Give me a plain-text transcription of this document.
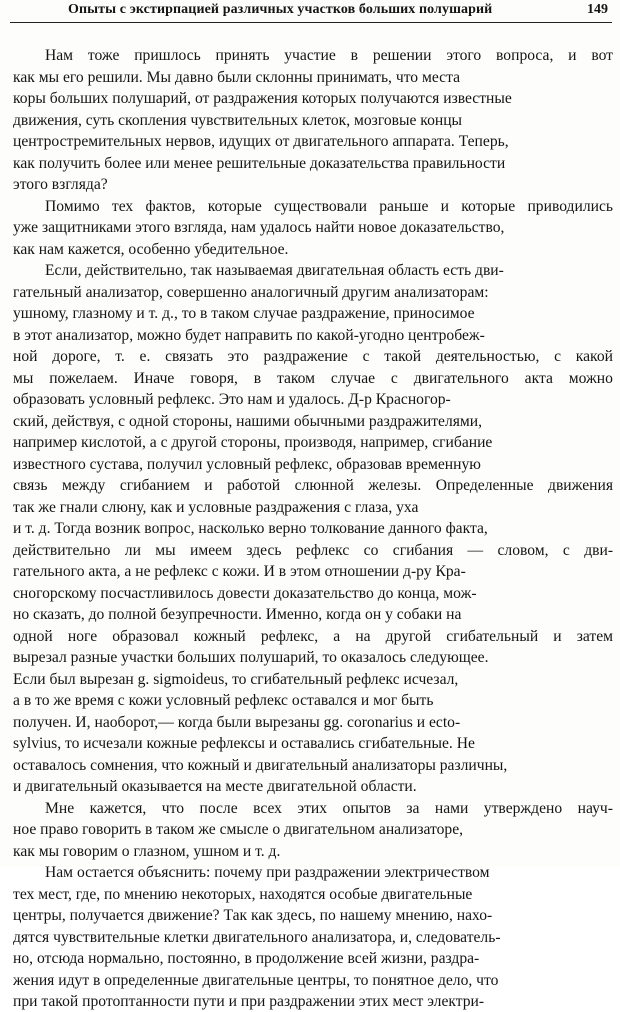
Опыты с экстирпацией различных участков больших полушарий	149
Нам тоже пришлось принять участие в решении этого вопроса, и вот
как мы его решили. Мы давно были склонны принимать, что места
коры больших полушарий, от раздражения которых получаются известные
движения, суть скопления чувствительных клеток, мозговые концы
центростремительных нервов, идущих от двигательного аппарата. Теперь,
как получить более или менее решительные доказательства правильности
этого взгляда?
Помимо тех фактов, которые существовали раньше и которые приводились
уже защитниками этого взгляда, нам удалось найти новое доказательство,
как нам кажется, особенно убедительное.
Если, действительно, так называемая двигательная область есть дви-
гательный анализатор, совершенно аналогичный другим анализаторам:
ушному, глазному и т. д., то в таком случае раздражение, приносимое
в этот анализатор, можно будет направить по какой-угодно центробеж-
ной дороге, т. е. связать это раздражение с такой деятельностью, с какой
мы пожелаем. Иначе говоря, в таком случае с двигательного акта можно
образовать условный рефлекс. Это нам и удалось. Д-р Красногор-
ский, действуя, с одной стороны, нашими обычными раздражителями,
например кислотой, а с другой стороны, производя, например, сгибание
известного сустава, получил условный рефлекс, образовав временную
связь между сгибанием и работой слюнной железы. Определенные движения
так же гнали слюну, как и условные раздражения с глаза, уха
и т. д. Тогда возник вопрос, насколько верно толкование данного факта,
действительно ли мы имеем здесь рефлекс со сгибания — словом, с дви-
гательного акта, а не рефлекс с кожи. И в этом отношении д-ру Кра-
сногорскому посчастливилось довести доказательство до конца, мож-
но сказать, до полной безупречности. Именно, когда он у собаки на
одной ноге образовал кожный рефлекс, а на другой сгибательный и затем
вырезал разные участки больших полушарий, то оказалось следующее.
Если был вырезан g. sigmoideus, то сгибательный рефлекс исчезал,
а в то же время с кожи условный рефлекс оставался и мог быть
получен. И, наоборот,— когда были вырезаны gg. coronarius и ecto-
sylvius, то исчезали кожные рефлексы и оставались сгибательные. Не
оставалось сомнения, что кожный и двигательный анализаторы различны,
и двигательный оказывается на месте двигательной области.
Мне кажется, что после всех этих опытов за нами утверждено науч-
ное право говорить в таком же смысле о двигательном анализаторе,
как мы говорим о глазном, ушном и т. д.
Нам остается объяснить: почему при раздражении электричеством
тех мест, где, по мнению некоторых, находятся особые двигательные
центры, получается движение? Так как здесь, по нашему мнению, нахо-
дятся чувствительные клетки двигательного анализатора, и, следователь-
но, отсюда нормально, постоянно, в продолжение всей жизни, раздра-
жения идут в определенные двигательные центры, то понятное дело, что
при такой протоптанности пути и при раздражении этих мест электри-
